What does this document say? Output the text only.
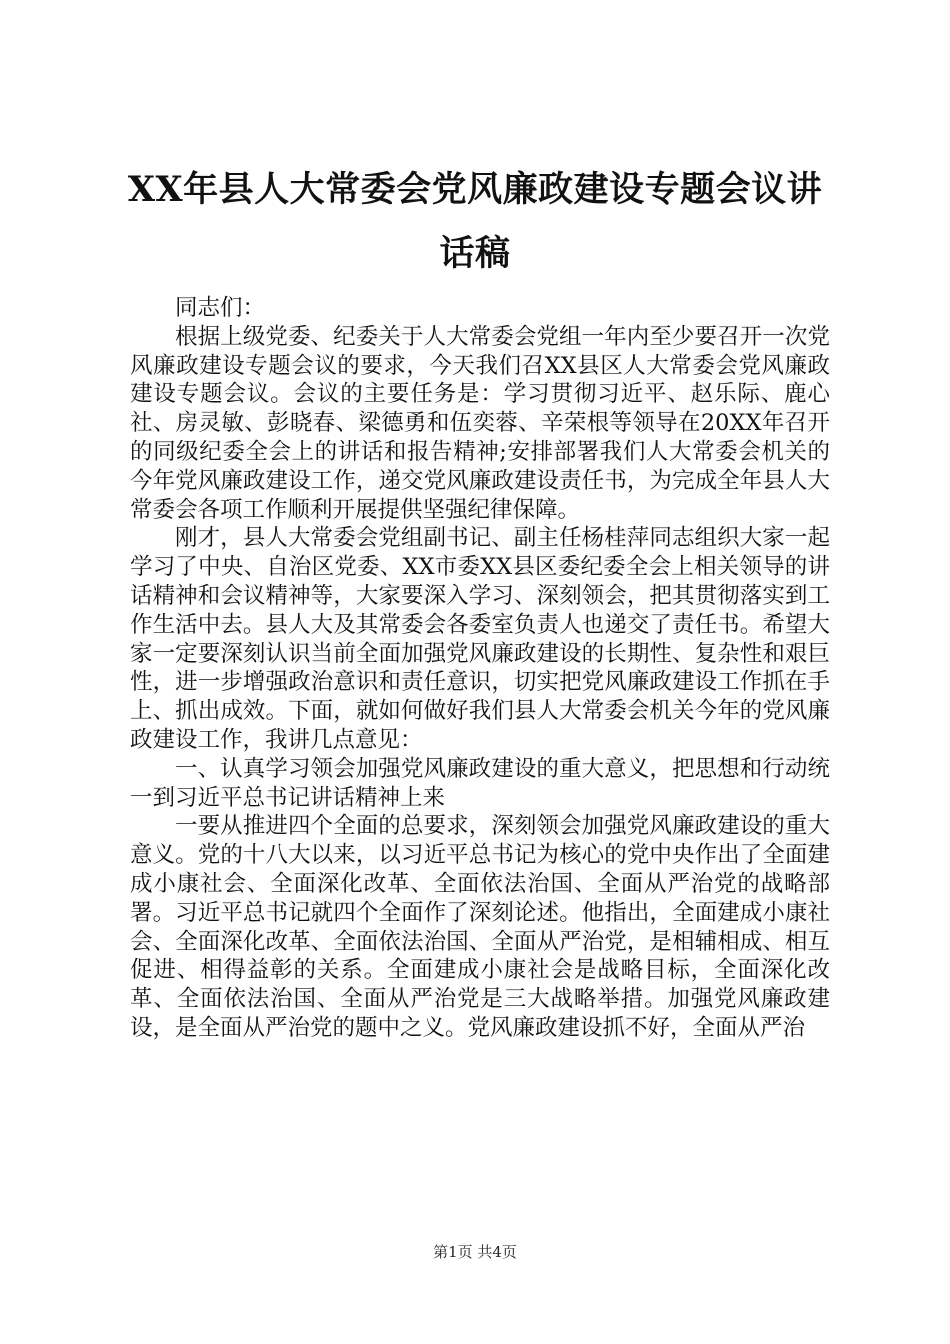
XX年县人大常委会党风廉政建设专题会议讲话稿

同志们：

根据上级党委、纪委关于人大常委会党组一年内至少要召开一次党风廉政建设专题会议的要求，今天我们召XX县区人大常委会党风廉政建设专题会议。会议的主要任务是：学习贯彻习近平、赵乐际、鹿心社、房灵敏、彭晓春、梁德勇和伍奕蓉、辛荣根等领导在20XX年召开的同级纪委全会上的讲话和报告精神;安排部署我们人大常委会机关的今年党风廉政建设工作，递交党风廉政建设责任书，为完成全年县人大常委会各项工作顺利开展提供坚强纪律保障。

刚才，县人大常委会党组副书记、副主任杨桂萍同志组织大家一起学习了中央、自治区党委、XX市委XX县区委纪委全会上相关领导的讲话精神和会议精神等，大家要深入学习、深刻领会，把其贯彻落实到工作生活中去。县人大及其常委会各委室负责人也递交了责任书。希望大家一定要深刻认识当前全面加强党风廉政建设的长期性、复杂性和艰巨性，进一步增强政治意识和责任意识，切实把党风廉政建设工作抓在手上、抓出成效。下面，就如何做好我们县人大常委会机关今年的党风廉政建设工作，我讲几点意见：

一、认真学习领会加强党风廉政建设的重大意义，把思想和行动统一到习近平总书记讲话精神上来

一要从推进四个全面的总要求，深刻领会加强党风廉政建设的重大意义。党的十八大以来，以习近平总书记为核心的党中央作出了全面建成小康社会、全面深化改革、全面依法治国、全面从严治党的战略部署。习近平总书记就四个全面作了深刻论述。他指出，全面建成小康社会、全面深化改革、全面依法治国、全面从严治党，是相辅相成、相互促进、相得益彰的关系。全面建成小康社会是战略目标，全面深化改革、全面依法治国、全面从严治党是三大战略举措。加强党风廉政建设，是全面从严治党的题中之义。党风廉政建设抓不好，全面从严治

第1页 共4页
